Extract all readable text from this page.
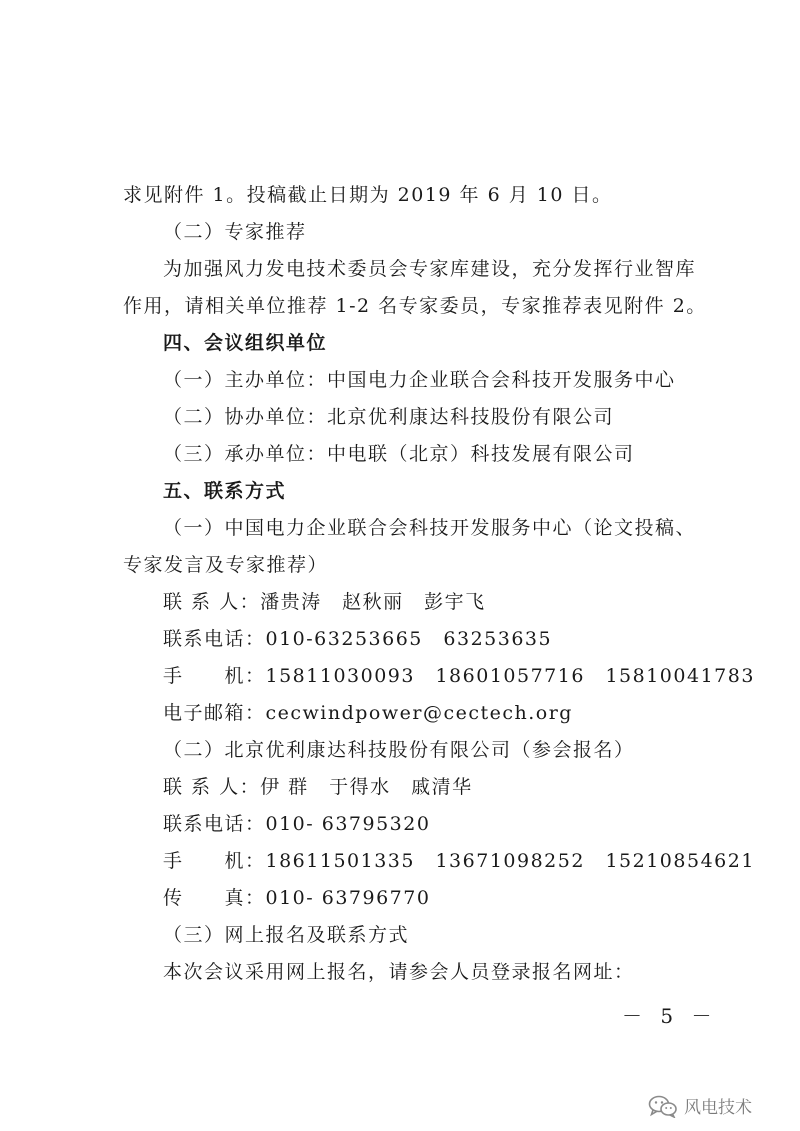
求见附件 1。投稿截止日期为 2019 年 6 月 10 日。
（二）专家推荐
为加强风力发电技术委员会专家库建设，充分发挥行业智库
作用，请相关单位推荐 1-2 名专家委员，专家推荐表见附件 2。
四、会议组织单位
（一）主办单位：中国电力企业联合会科技开发服务中心
（二）协办单位：北京优利康达科技股份有限公司
（三）承办单位：中电联（北京）科技发展有限公司
五、联系方式
（一）中国电力企业联合会科技开发服务中心（论文投稿、
专家发言及专家推荐）
联 系 人：潘贵涛　赵秋丽　彭宇飞
联系电话：010-63253665　63253635
手　　机：15811030093　18601057716　15810041783
电子邮箱：cecwindpower@cectech.org
（二）北京优利康达科技股份有限公司（参会报名）
联 系 人：伊 群　于得水　戚清华
联系电话：010- 63795320
手　　机：18611501335　13671098252　15210854621
传　　真：010- 63796770
（三）网上报名及联系方式
本次会议采用网上报名，请参会人员登录报名网址：
－ 5 －
风电技术
